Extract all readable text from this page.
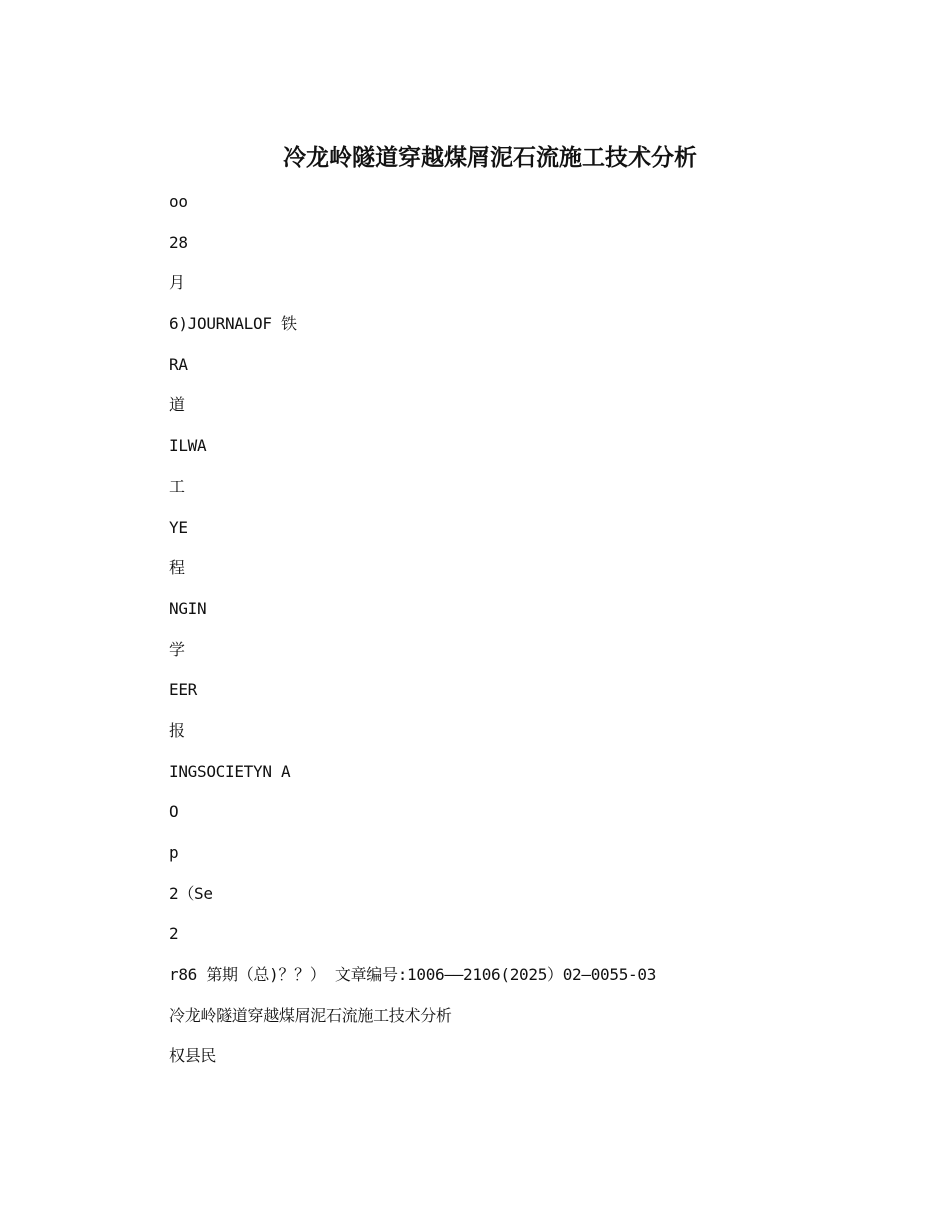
冷龙岭隧道穿越煤屑泥石流施工技术分析
oo
28
月
6)JOURNALOF 铁
RA
道
ILWA
工
YE
程
NGIN
学
EER
报
INGSOCIETYN A
O
p
2（Se
2
r86 第期（总)？？） 文章编号:1006——2106(2025）02—0055-03
冷龙岭隧道穿越煤屑泥石流施工技术分析
权县民
